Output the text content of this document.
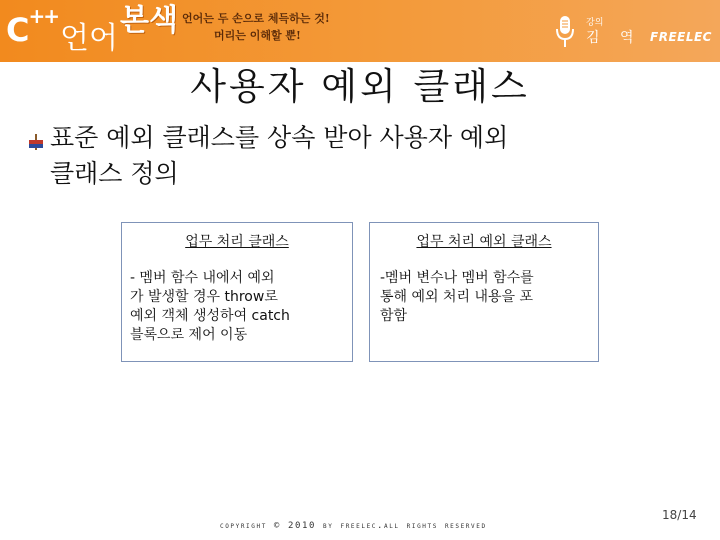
C ++
언어
본색 언어는 두 손으로 체득하는 것!
머리는 이해할 뿐!
강의
김 역 FREELEC
사용자 예외 클래스
표준 예외 클래스를 상속 받아 사용자 예외
클래스 정의
업무 처리 클래스
- 멤버 함수 내에서 예외
가 발생할 경우 throw로
예외 객체 생성하여 catch
블록으로 제어 이동
업무 처리 예외 클래스
-멤버 변수나 멤버 함수를
통해 예외 처리 내용을 포
함함
18/14
copyright © 2010 by freelec.all rights reserved
